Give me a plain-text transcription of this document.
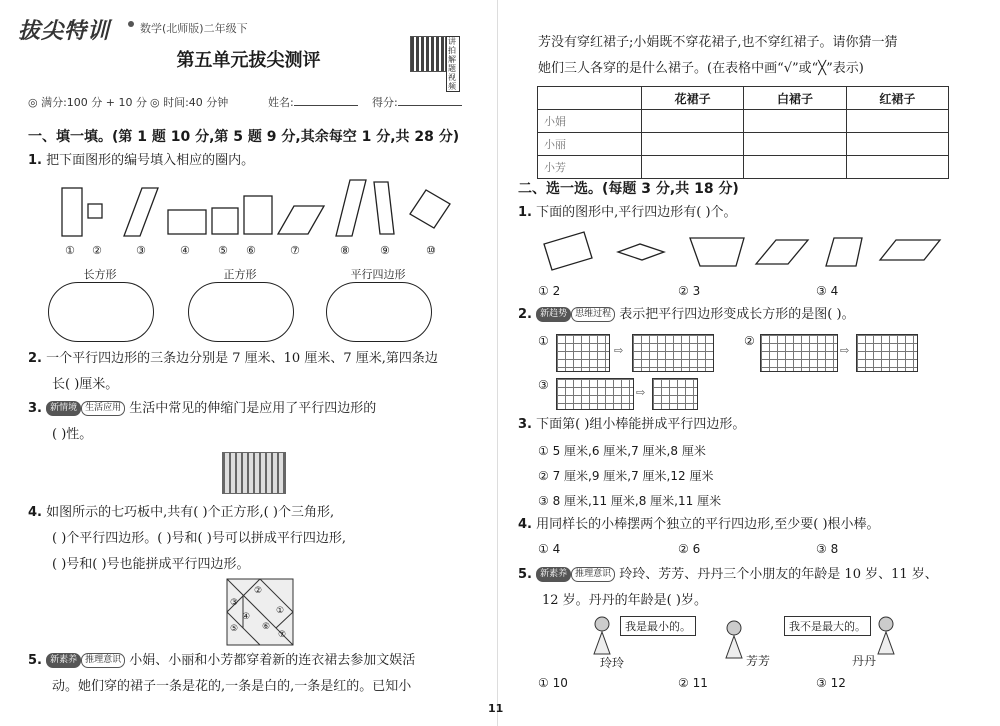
拔尖特训	数学(北师版)二年级下
讲拍解题视频
第五单元拔尖测评
◎ 满分:100 分 + 10 分 ◎ 时间:40 分钟	姓名:	得分:
一、填一填。(第 1 题 10 分,第 5 题 9 分,其余每空 1 分,共 28 分)
1. 把下面图形的编号填入相应的圈内。
① ②	③	④	⑤ ⑥	⑦	⑧	⑨	⑩
长方形	正方形	平行四边形
2. 一个平行四边形的三条边分别是 7 厘米、10 厘米、7 厘米,第四条边
长( )厘米。
3. 新情境 生活应用 生活中常见的伸缩门是应用了平行四边形的
( )性。
4. 如图所示的七巧板中,共有( )个正方形,( )个三角形,
( )个平行四边形。( )号和( )号可以拼成平行四边形,
( )号和( )号也能拼成平行四边形。
③
④
②
⑤	⑥
①
⑦
5. 新素养 推理意识 小娟、小丽和小芳都穿着新的连衣裙去参加文娱活
动。她们穿的裙子一条是花的,一条是白的,一条是红的。已知小
芳没有穿红裙子;小娟既不穿花裙子,也不穿红裙子。请你猜一猜
她们三人各穿的是什么裙子。(在表格中画“√”或“╳”表示)
	花裙子	白裙子	红裙子
小娟			
小丽			
小芳			
二、选一选。(每题 3 分,共 18 分)
1. 下面的图形中,平行四边形有( )个。
① 2	② 3	③ 4
2. 新趋势 思维过程 表示把平行四边形变成长方形的是图( )。
①
⇨
②
⇨
③
⇨
3. 下面第( )组小棒能拼成平行四边形。
① 5 厘米,6 厘米,7 厘米,8 厘米
② 7 厘米,9 厘米,7 厘米,12 厘米
③ 8 厘米,11 厘米,8 厘米,11 厘米
4. 用同样长的小棒摆两个独立的平行四边形,至少要( )根小棒。
① 4	② 6	③ 8
5. 新素养 推理意识 玲玲、芳芳、丹丹三个小朋友的年龄是 10 岁、11 岁、
12 岁。丹丹的年龄是( )岁。
我是最小的。
玲玲	芳芳
我不是最大的。
丹丹
① 10	② 11	③ 12
11
